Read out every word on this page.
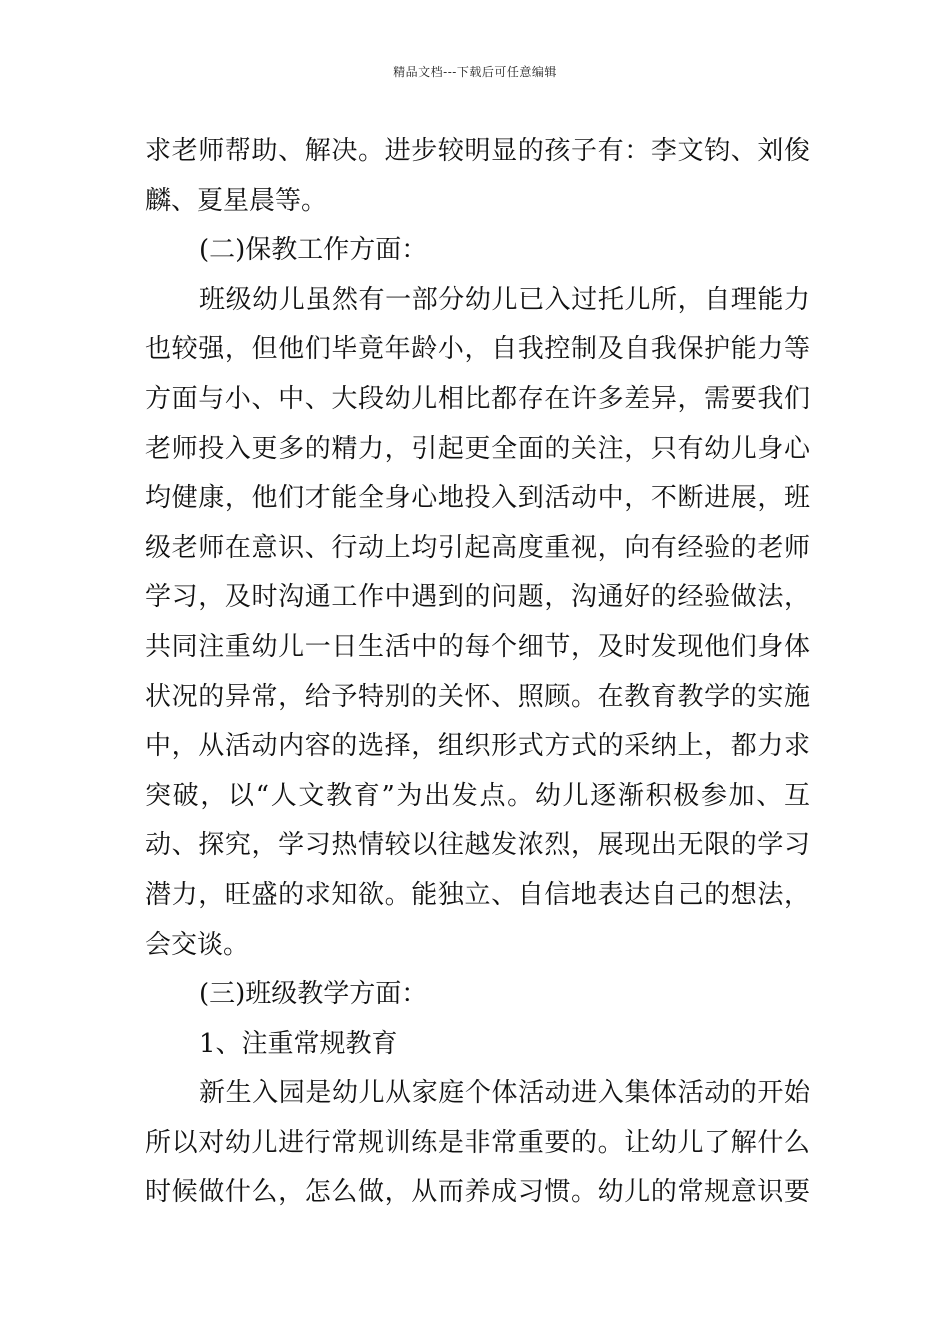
精品文档---下载后可任意编辑
求老师帮助、解决。进步较明显的孩子有：李文钧、刘俊
麟、夏星晨等。
(二)保教工作方面：
班级幼儿虽然有一部分幼儿已入过托儿所，自理能力
也较强，但他们毕竟年龄小，自我控制及自我保护能力等
方面与小、中、大段幼儿相比都存在许多差异，需要我们
老师投入更多的精力，引起更全面的关注，只有幼儿身心
均健康，他们才能全身心地投入到活动中，不断进展，班
级老师在意识、行动上均引起高度重视，向有经验的老师
学习，及时沟通工作中遇到的问题，沟通好的经验做法，
共同注重幼儿一日生活中的每个细节，及时发现他们身体
状况的异常，给予特别的关怀、照顾。在教育教学的实施
中，从活动内容的选择，组织形式方式的采纳上，都力求
突破，以“人文教育”为出发点。幼儿逐渐积极参加、互
动、探究，学习热情较以往越发浓烈，展现出无限的学习
潜力，旺盛的求知欲。能独立、自信地表达自己的想法，
会交谈。
(三)班级教学方面：
1、注重常规教育
新生入园是幼儿从家庭个体活动进入集体活动的开始
所以对幼儿进行常规训练是非常重要的。让幼儿了解什么
时候做什么，怎么做，从而养成习惯。幼儿的常规意识要
